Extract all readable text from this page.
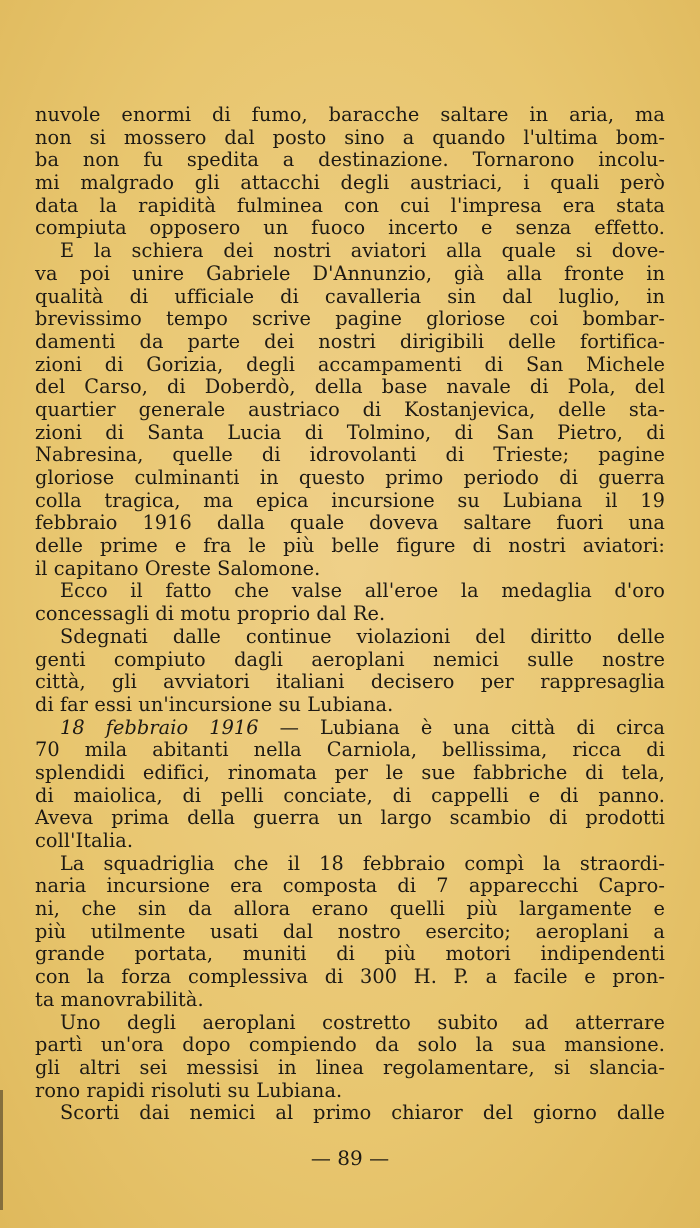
nuvole enormi di fumo, baracche saltare in aria, ma
non si mossero dal posto sino a quando l'ultima bom-
ba non fu spedita a destinazione. Tornarono incolu-
mi malgrado gli attacchi degli austriaci, i quali però
data la rapidità fulminea con cui l'impresa era stata
compiuta opposero un fuoco incerto e senza effetto.
E la schiera dei nostri aviatori alla quale si dove-
va poi unire Gabriele D'Annunzio, già alla fronte in
qualità di ufficiale di cavalleria sin dal luglio, in
brevissimo tempo scrive pagine gloriose coi bombar-
damenti da parte dei nostri dirigibili delle fortifica-
zioni di Gorizia, degli accampamenti di San Michele
del Carso, di Doberdò, della base navale di Pola, del
quartier generale austriaco di Kostanjevica, delle sta-
zioni di Santa Lucia di Tolmino, di San Pietro, di
Nabresina, quelle di idrovolanti di Trieste; pagine
gloriose culminanti in questo primo periodo di guerra
colla tragica, ma epica incursione su Lubiana il 19
febbraio 1916 dalla quale doveva saltare fuori una
delle prime e fra le più belle figure di nostri aviatori:
il capitano Oreste Salomone.
Ecco il fatto che valse all'eroe la medaglia d'oro
concessagli di motu proprio dal Re.
Sdegnati dalle continue violazioni del diritto delle
genti compiuto dagli aeroplani nemici sulle nostre
città, gli avviatori italiani decisero per rappresaglia
di far essi un'incursione su Lubiana.
18 febbraio 1916 — Lubiana è una città di circa
70 mila abitanti nella Carniola, bellissima, ricca di
splendidi edifici, rinomata per le sue fabbriche di tela,
di maiolica, di pelli conciate, di cappelli e di panno.
Aveva prima della guerra un largo scambio di prodotti
coll'Italia.
La squadriglia che il 18 febbraio compì la straordi-
naria incursione era composta di 7 apparecchi Capro-
ni, che sin da allora erano quelli più largamente e
più utilmente usati dal nostro esercito; aeroplani a
grande portata, muniti di più motori indipendenti
con la forza complessiva di 300 H. P. a facile e pron-
ta manovrabilità.
Uno degli aeroplani costretto subito ad atterrare
partì un'ora dopo compiendo da solo la sua mansione.
gli altri sei messisi in linea regolamentare, si slancia-
rono rapidi risoluti su Lubiana.
Scorti dai nemici al primo chiaror del giorno dalle
— 89 —
